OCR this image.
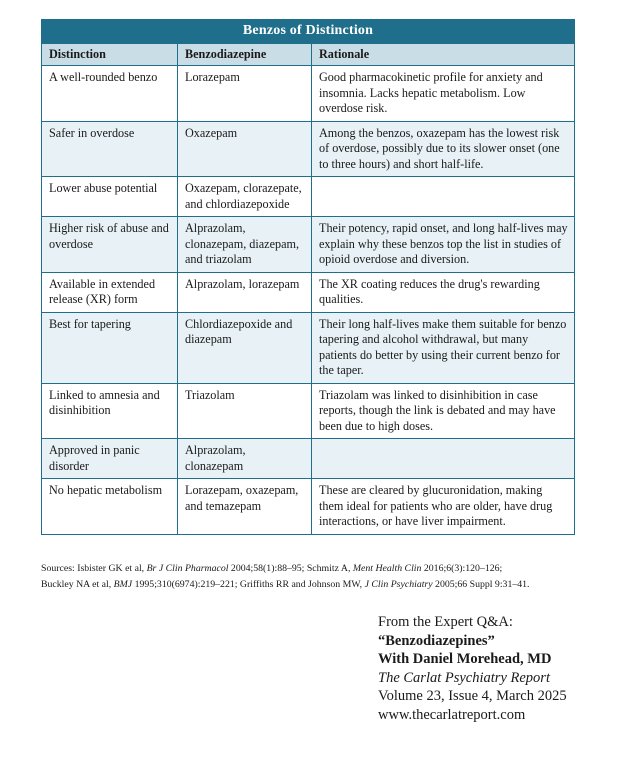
Benzos of Distinction		
Distinction	Benzodiazepine	Rationale
A well-rounded benzo	Lorazepam	Good pharmacokinetic profile for anxiety and insomnia. Lacks hepatic metabolism. Low overdose risk.
Safer in overdose	Oxazepam	Among the benzos, oxazepam has the lowest risk of overdose, possibly due to its slower onset (one to three hours) and short half-life.
Lower abuse potential	Oxazepam, clorazepate, and chlordiazepoxide	
Higher risk of abuse and overdose	Alprazolam, clonazepam, diazepam, and triazolam	Their potency, rapid onset, and long half-lives may explain why these benzos top the list in studies of opioid overdose and diversion.
Available in extended release (XR) form	Alprazolam, lorazepam	The XR coating reduces the drug's rewarding qualities.
Best for tapering	Chlordiazepoxide and diazepam	Their long half-lives make them suitable for benzo tapering and alcohol withdrawal, but many patients do better by using their current benzo for the taper.
Linked to amnesia and disinhibition	Triazolam	Triazolam was linked to disinhibition in case reports, though the link is debated and may have been due to high doses.
Approved in panic disorder	Alprazolam, clonazepam	
No hepatic metabolism	Lorazepam, oxazepam, and temazepam	These are cleared by glucuronidation, making them ideal for patients who are older, have drug interactions, or have liver impairment.
Sources: Isbister GK et al, Br J Clin Pharmacol 2004;58(1):88–95; Schmitz A, Ment Health Clin 2016;6(3):120–126;
Buckley NA et al, BMJ 1995;310(6974):219–221; Griffiths RR and Johnson MW, J Clin Psychiatry 2005;66 Suppl 9:31–41.
From the Expert Q&A:
“Benzodiazepines”
With Daniel Morehead, MD
The Carlat Psychiatry Report
Volume 23, Issue 4, March 2025
www.thecarlatreport.com
